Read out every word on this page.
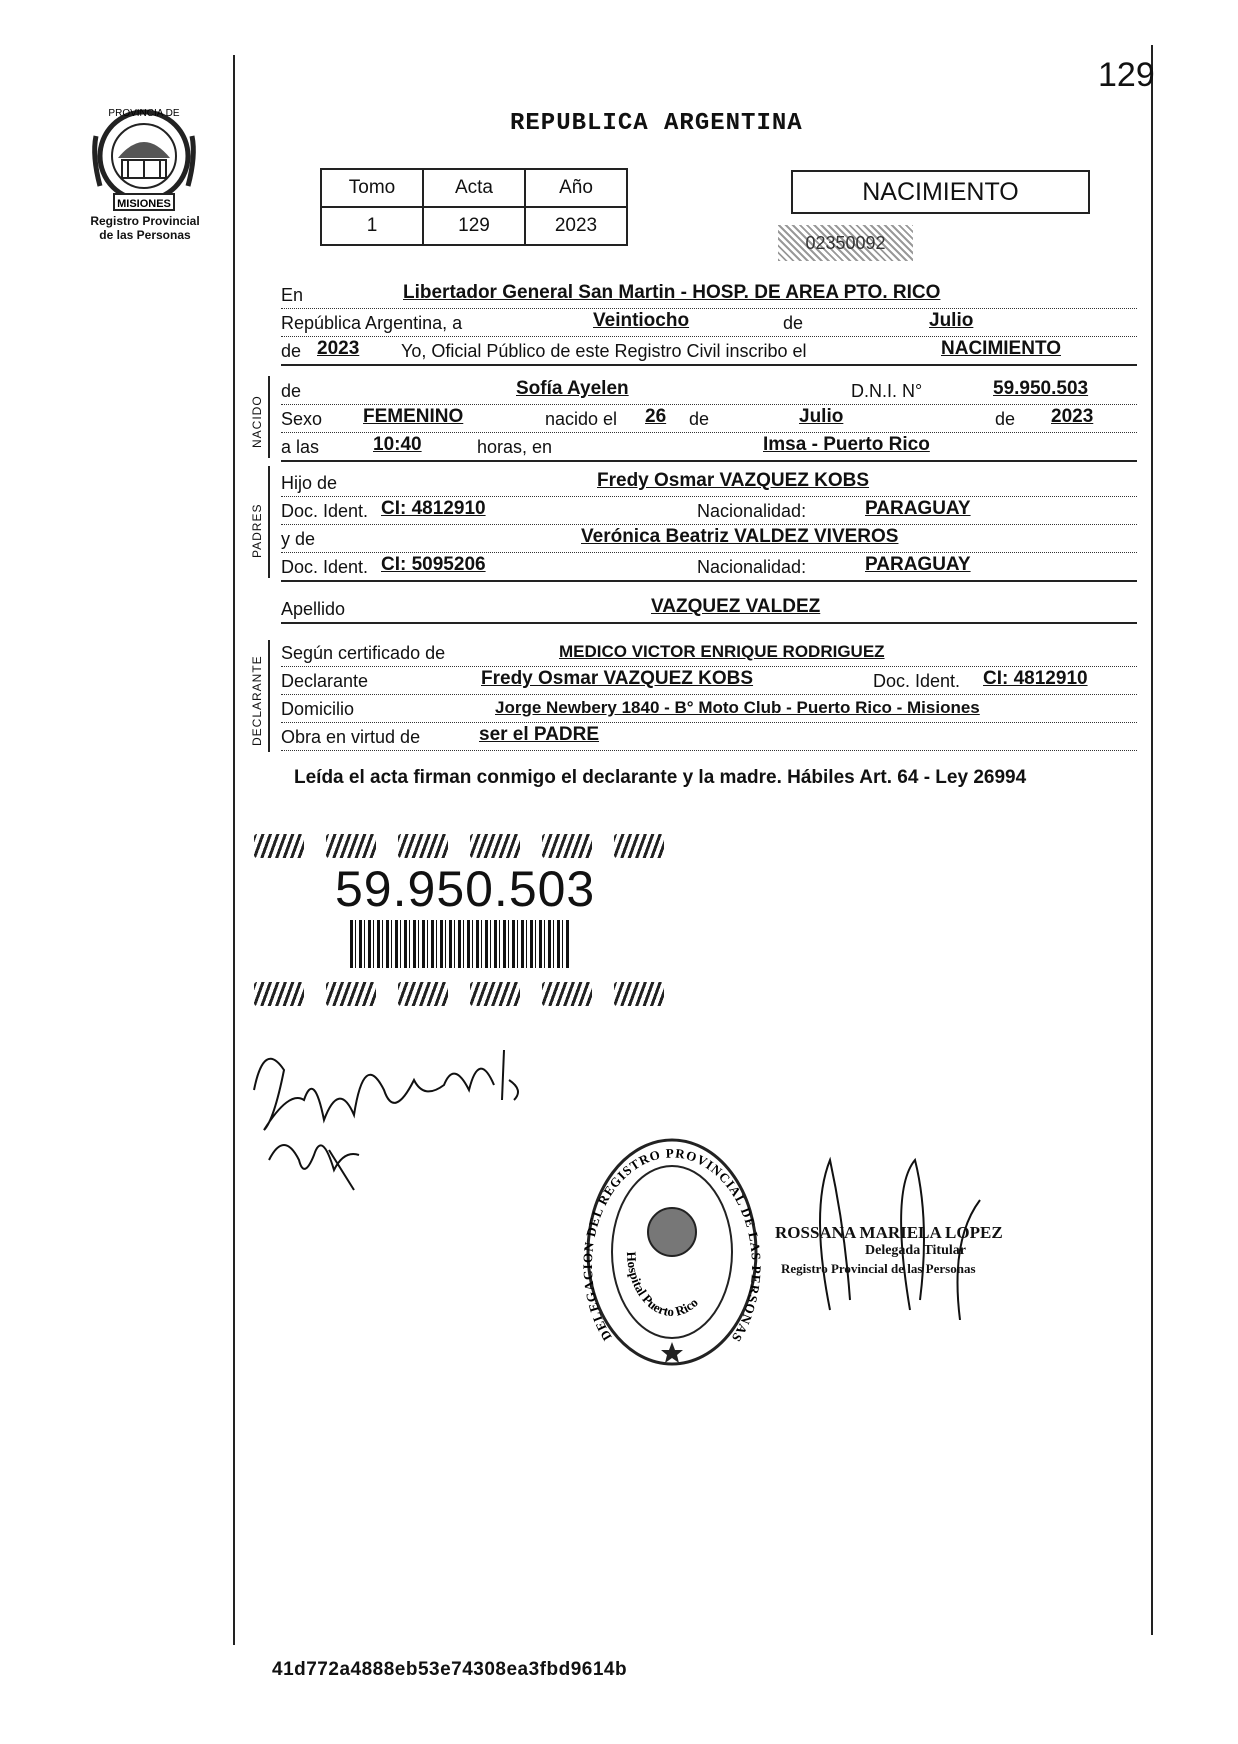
129
PROVINCIA DE
MISIONES
Registro Provincial
de las Personas
REPUBLICA ARGENTINA
Tomo	Acta	Año
1	129	2023
NACIMIENTO
02350092
En	Libertador General San Martin - HOSP. DE AREA PTO. RICO
República Argentina, a	Veintiocho	de	Julio
de 2023 Yo, Oficial Público de este Registro Civil inscribo el	NACIMIENTO
NACIDO
de	Sofía Ayelen	D.N.I. N°	59.950.503
Sexo FEMENINO	nacido el 26 de	Julio	de 2023
a las	10:40	horas, en	Imsa - Puerto Rico
PADRES
Hijo de	Fredy Osmar VAZQUEZ KOBS
Doc. Ident. CI: 4812910	Nacionalidad:	PARAGUAY
y de	Verónica Beatriz VALDEZ VIVEROS
Doc. Ident. CI: 5095206	Nacionalidad:	PARAGUAY
Apellido	VAZQUEZ VALDEZ
DECLARANTE
Según certificado de	MEDICO VICTOR ENRIQUE RODRIGUEZ
Declarante	Fredy Osmar VAZQUEZ KOBS	Doc. Ident. CI: 4812910
Domicilio	Jorge Newbery 1840 - B° Moto Club - Puerto Rico - Misiones
Obra en virtud de	ser el PADRE
Leída el acta firman conmigo el declarante y la madre. Hábiles Art. 64 - Ley 26994
59.950.503
DELEGA N DEL REGISTRO PROVINCIAL DE LA RSONAS
Hospital Puerto Rico
ROSSANA MARIELA LOPEZ
Delegada Titular
Registro Provincial de las Personas
41d772a4888eb53e74308ea3fbd9614b
